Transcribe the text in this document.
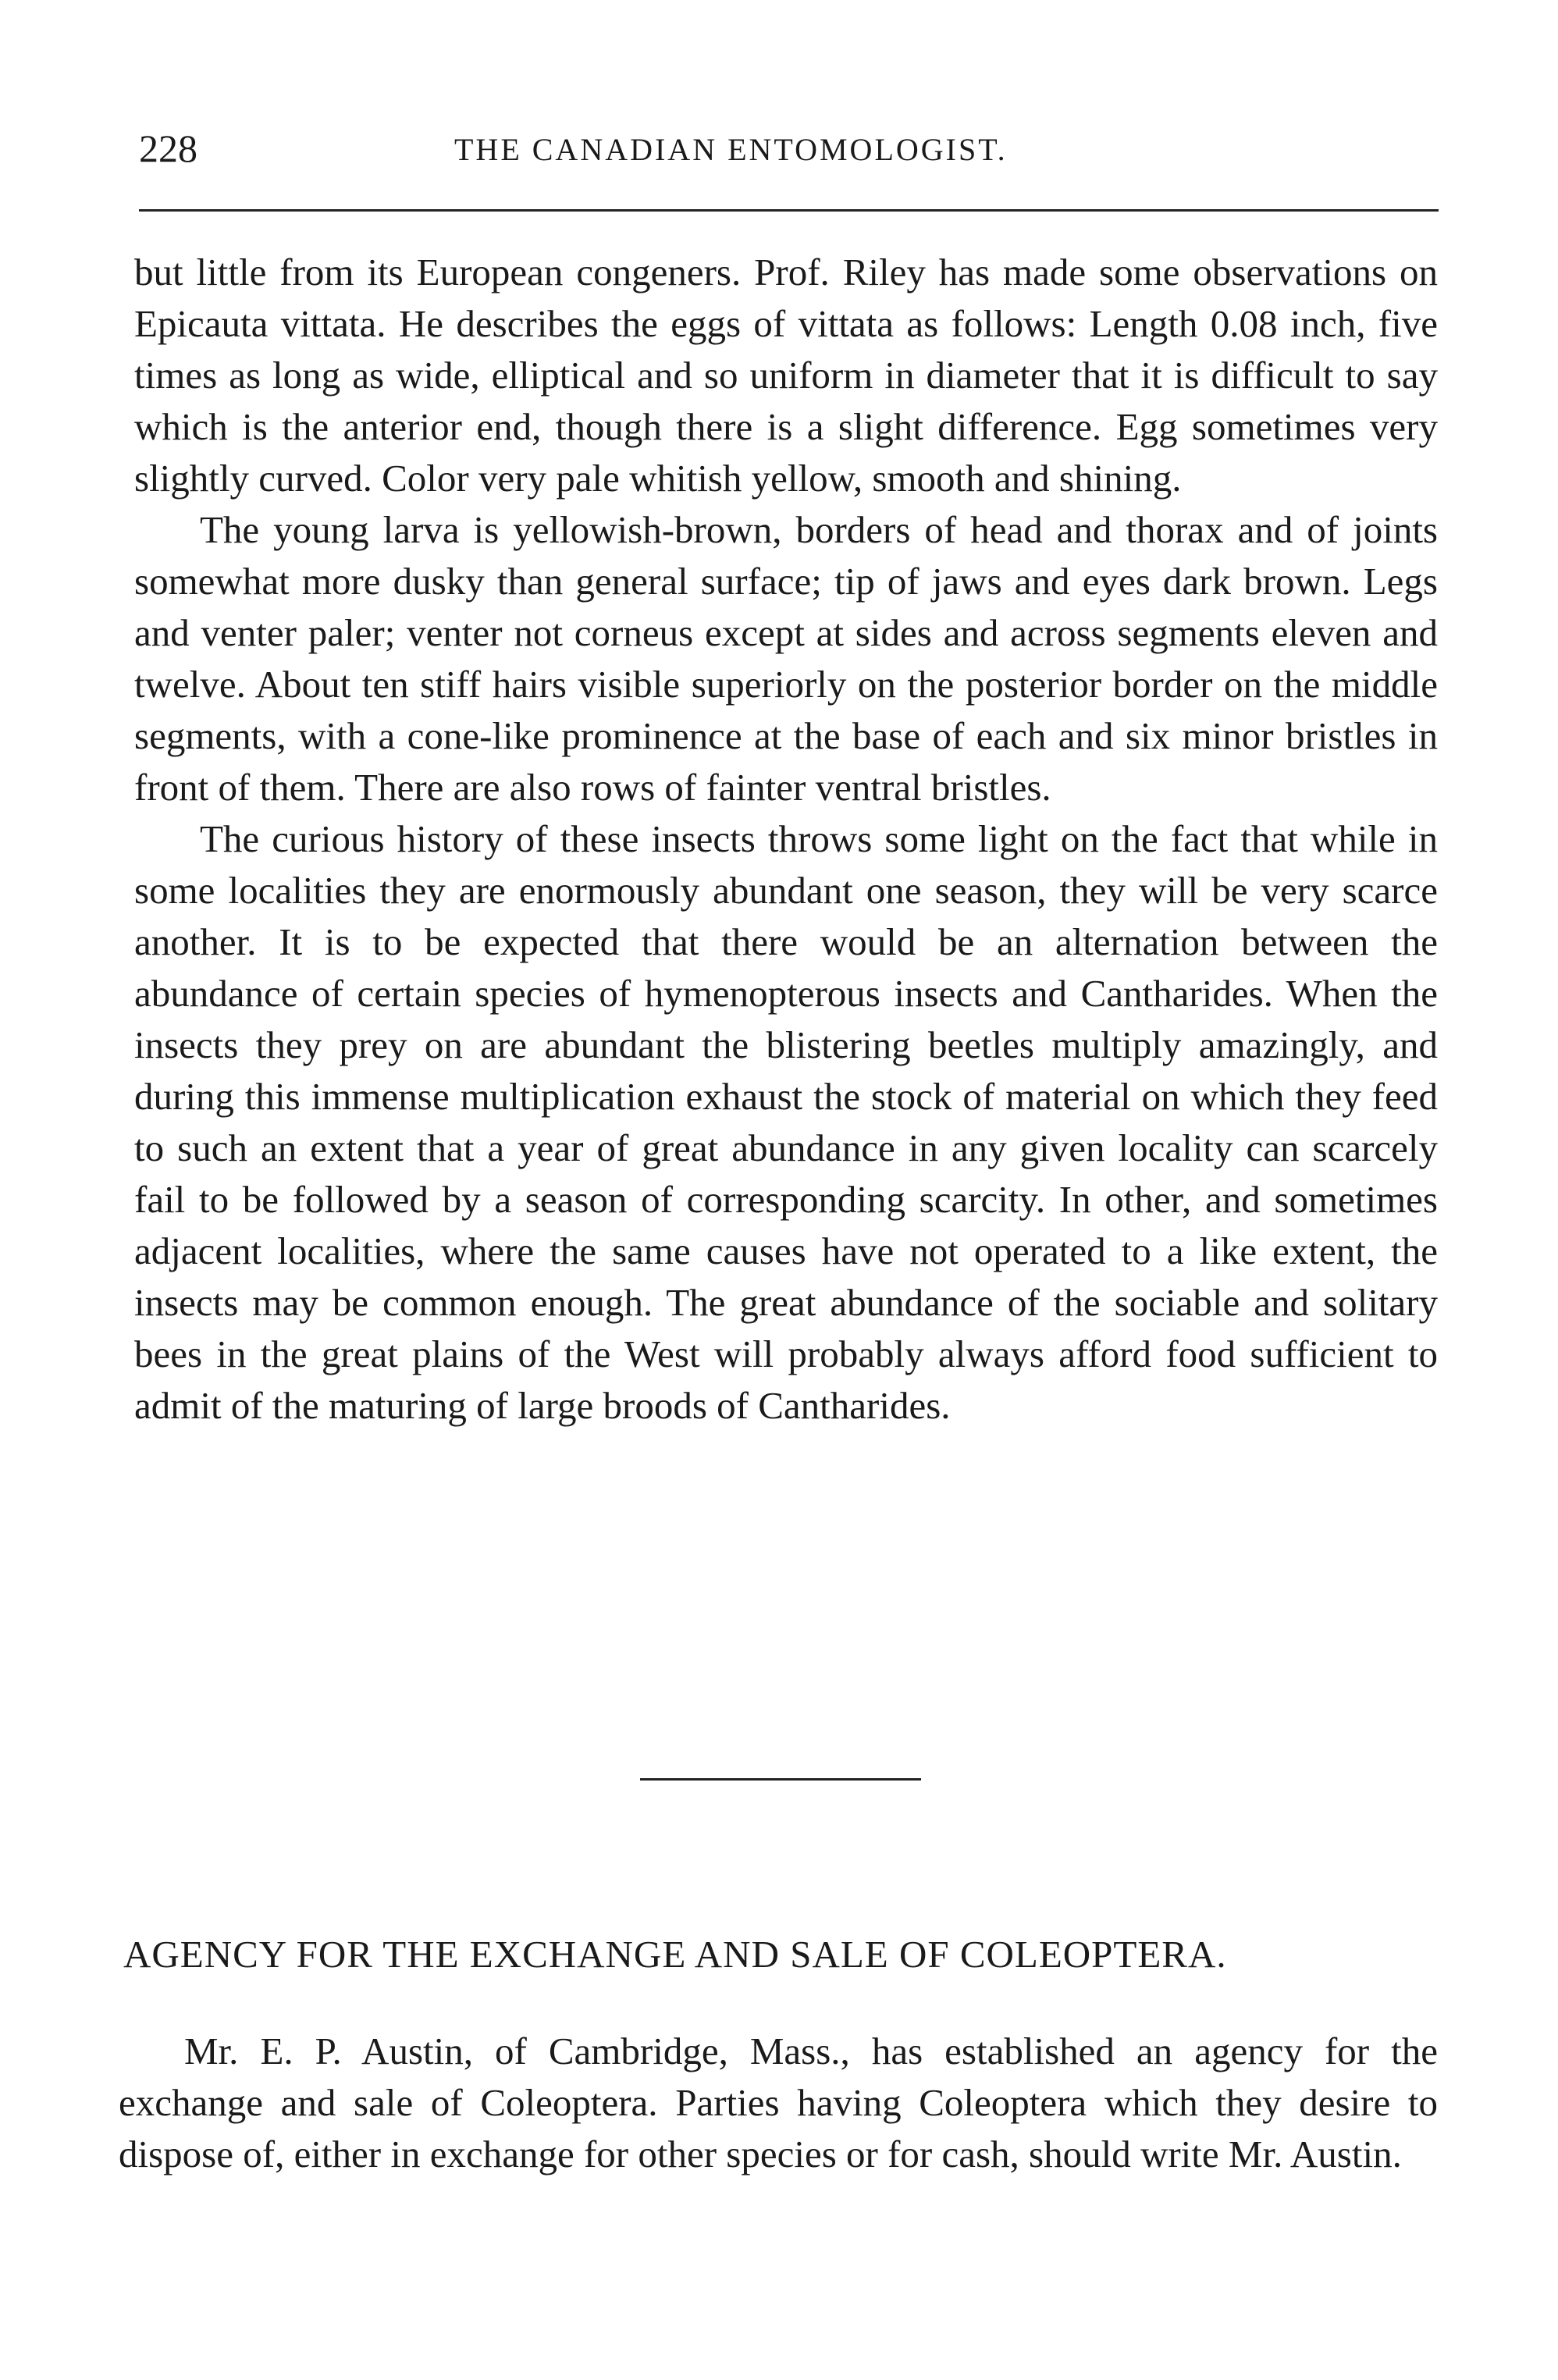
228	THE CANADIAN ENTOMOLOGIST.

but little from its European congeners. Prof. Riley has made some observations on Epicauta vittata. He describes the eggs of vittata as follows: Length 0.08 inch, five times as long as wide, elliptical and so uniform in diameter that it is difficult to say which is the anterior end, though there is a slight difference. Egg sometimes very slightly curved. Color very pale whitish yellow, smooth and shining.

The young larva is yellowish-brown, borders of head and thorax and of joints somewhat more dusky than general surface; tip of jaws and eyes dark brown. Legs and venter paler; venter not corneus except at sides and across segments eleven and twelve. About ten stiff hairs visible superiorly on the posterior border on the middle segments, with a cone-like prominence at the base of each and six minor bristles in front of them. There are also rows of fainter ventral bristles.

The curious history of these insects throws some light on the fact that while in some localities they are enormously abundant one season, they will be very scarce another. It is to be expected that there would be an alternation between the abundance of certain species of hymenopterous insects and Cantharides. When the insects they prey on are abundant the blistering beetles multiply amazingly, and during this immense multiplication exhaust the stock of material on which they feed to such an extent that a year of great abundance in any given locality can scarcely fail to be followed by a season of corresponding scarcity. In other, and sometimes adjacent localities, where the same causes have not operated to a like extent, the insects may be common enough. The great abundance of the sociable and solitary bees in the great plains of the West will probably always afford food sufficient to admit of the maturing of large broods of Cantharides.

AGENCY FOR THE EXCHANGE AND SALE OF COLEOPTERA.

Mr. E. P. Austin, of Cambridge, Mass., has established an agency for the exchange and sale of Coleoptera. Parties having Coleoptera which they desire to dispose of, either in exchange for other species or for cash, should write Mr. Austin.
